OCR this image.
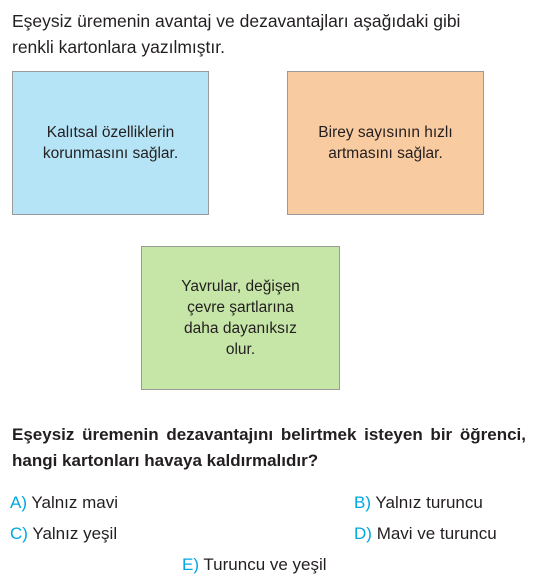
Eşeysiz üremenin avantaj ve dezavantajları aşağıdaki gibi
renkli kartonlara yazılmıştır.

Kalıtsal özelliklerin
korunmasını sağlar.
Birey sayısının hızlı
artmasını sağlar.
Yavrular, değişen
çevre şartlarına
daha dayanıksız
olur.

Eşeysiz üremenin dezavantajını belirtmek isteyen bir öğrenci, hangi kartonları havaya kaldırmalıdır?

A) Yalnız mavi	B) Yalnız turuncu
C) Yalnız yeşil	D) Mavi ve turuncu
E) Turuncu ve yeşil
